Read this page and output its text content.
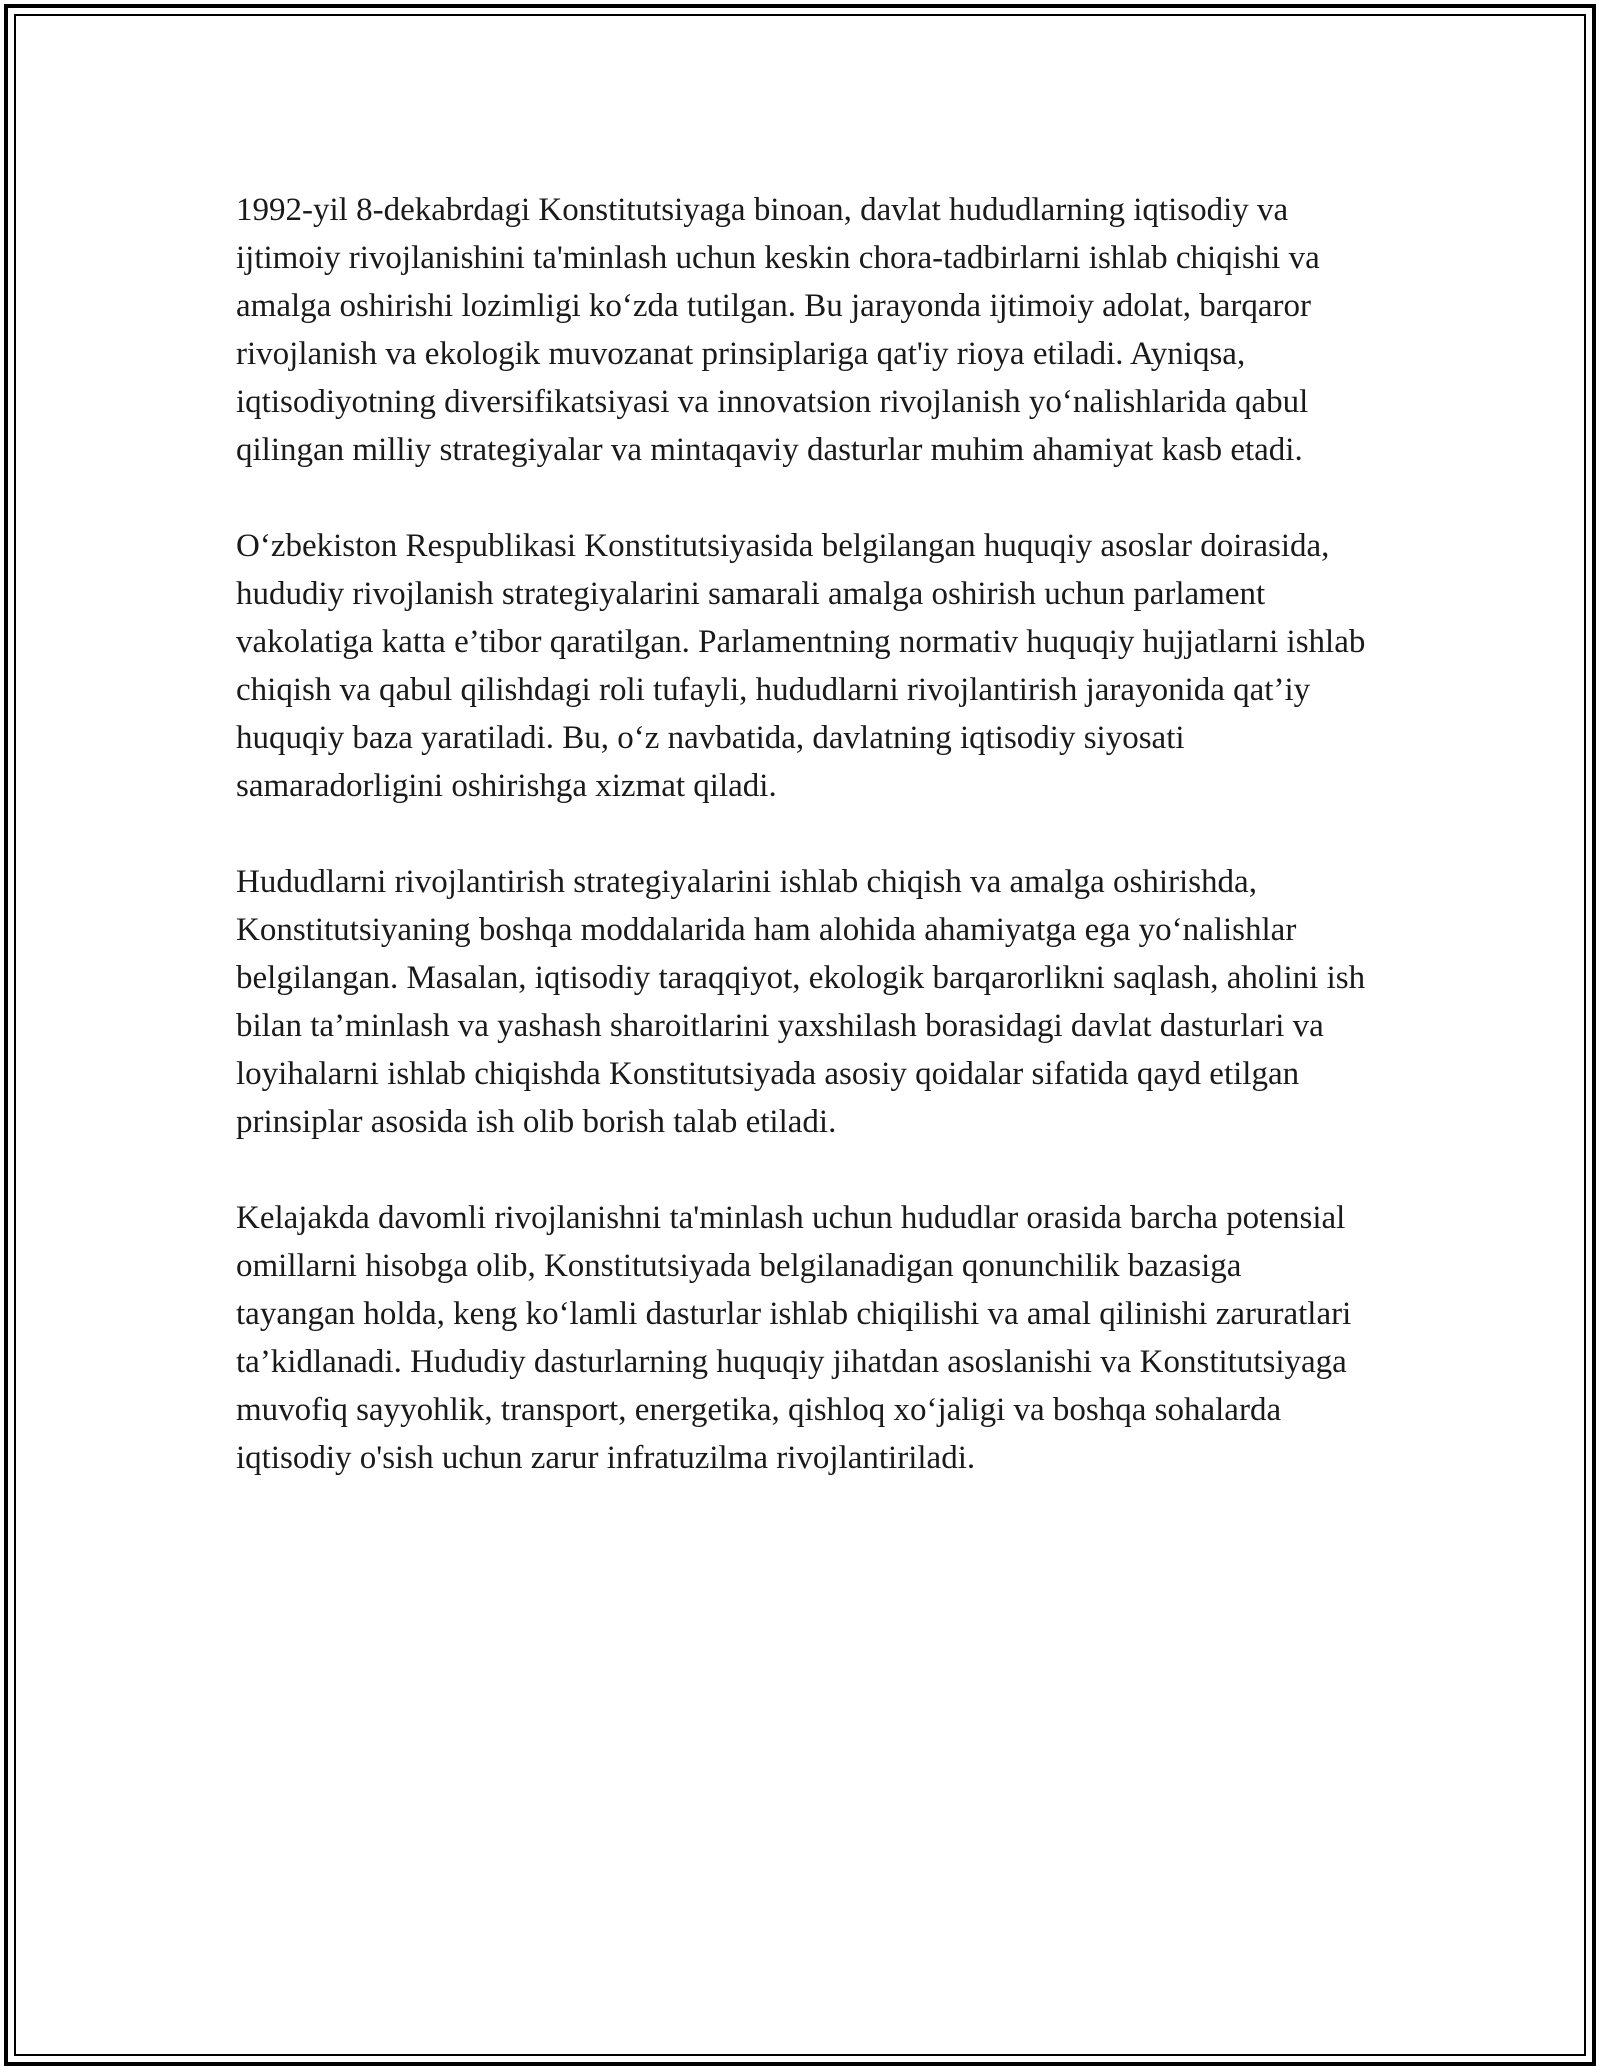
1992-yil 8-dekabrdagi Konstitutsiyaga binoan, davlat hududlarning iqtisodiy va ijtimoiy rivojlanishini ta'minlash uchun keskin chora-tadbirlarni ishlab chiqishi va amalga oshirishi lozimligi ko‘zda tutilgan. Bu jarayonda ijtimoiy adolat, barqaror rivojlanish va ekologik muvozanat prinsiplariga qat'iy rioya etiladi. Ayniqsa, iqtisodiyotning diversifikatsiyasi va innovatsion rivojlanish yo‘nalishlarida qabul qilingan milliy strategiyalar va mintaqaviy dasturlar muhim ahamiyat kasb etadi.

O‘zbekiston Respublikasi Konstitutsiyasida belgilangan huquqiy asoslar doirasida, hududiy rivojlanish strategiyalarini samarali amalga oshirish uchun parlament vakolatiga katta e’tibor qaratilgan. Parlamentning normativ huquqiy hujjatlarni ishlab chiqish va qabul qilishdagi roli tufayli, hududlarni rivojlantirish jarayonida qat’iy huquqiy baza yaratiladi. Bu, o‘z navbatida, davlatning iqtisodiy siyosati samaradorligini oshirishga xizmat qiladi.

Hududlarni rivojlantirish strategiyalarini ishlab chiqish va amalga oshirishda, Konstitutsiyaning boshqa moddalarida ham alohida ahamiyatga ega yo‘nalishlar belgilangan. Masalan, iqtisodiy taraqqiyot, ekologik barqarorlikni saqlash, aholini ish bilan ta’minlash va yashash sharoitlarini yaxshilash borasidagi davlat dasturlari va loyihalarni ishlab chiqishda Konstitutsiyada asosiy qoidalar sifatida qayd etilgan prinsiplar asosida ish olib borish talab etiladi.

Kelajakda davomli rivojlanishni ta'minlash uchun hududlar orasida barcha potensial omillarni hisobga olib, Konstitutsiyada belgilanadigan qonunchilik bazasiga tayangan holda, keng ko‘lamli dasturlar ishlab chiqilishi va amal qilinishi zaruratlari ta’kidlanadi. Hududiy dasturlarning huquqiy jihatdan asoslanishi va Konstitutsiyaga muvofiq sayyohlik, transport, energetika, qishloq xo‘jaligi va boshqa sohalarda iqtisodiy o'sish uchun zarur infratuzilma rivojlantiriladi.
